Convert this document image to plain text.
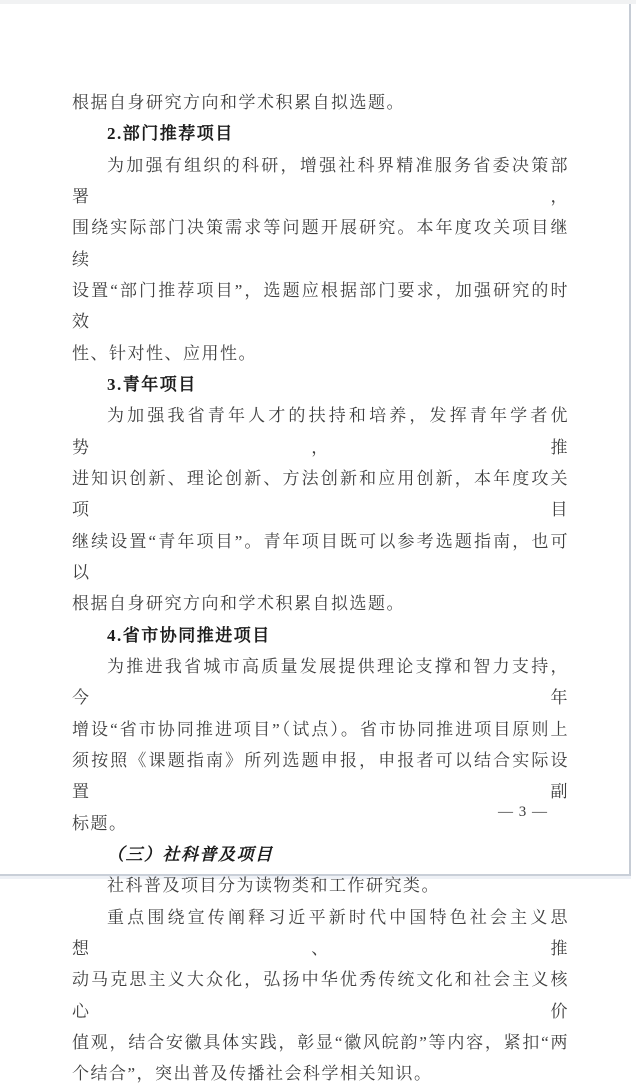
根据自身研究方向和学术积累自拟选题。
2.部门推荐项目
为加强有组织的科研，增强社科界精准服务省委决策部署，
围绕实际部门决策需求等问题开展研究。本年度攻关项目继续
设置“部门推荐项目”，选题应根据部门要求，加强研究的时效
性、针对性、应用性。
3.青年项目
为加强我省青年人才的扶持和培养，发挥青年学者优势，推
进知识创新、理论创新、方法创新和应用创新，本年度攻关项目
继续设置“青年项目”。青年项目既可以参考选题指南，也可以
根据自身研究方向和学术积累自拟选题。
4.省市协同推进项目
为推进我省城市高质量发展提供理论支撑和智力支持，今年
增设“省市协同推进项目”（试点）。省市协同推进项目原则上
须按照《课题指南》所列选题申报，申报者可以结合实际设置副
标题。
（三）社科普及项目
社科普及项目分为读物类和工作研究类。
重点围绕宣传阐释习近平新时代中国特色社会主义思想、推
动马克思主义大众化，弘扬中华优秀传统文化和社会主义核心价
值观，结合安徽具体实践，彰显“徽风皖韵”等内容，紧扣“两
个结合”，突出普及传播社会科学相关知识。
— 3 —
